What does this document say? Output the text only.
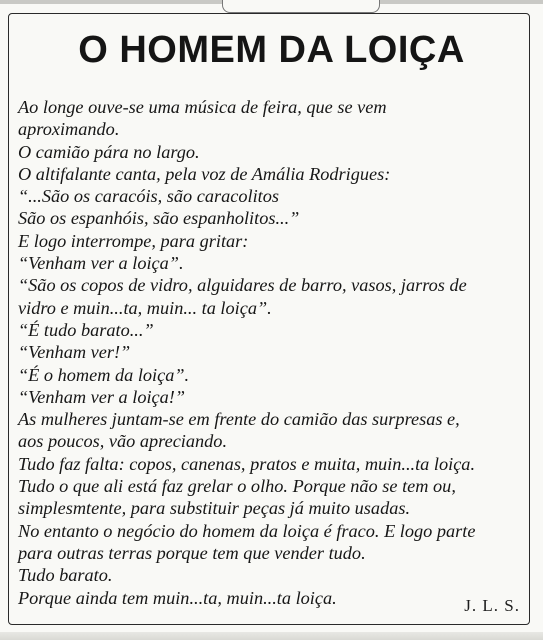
O HOMEM DA LOIÇA
Ao longe ouve-se uma música de feira, que se vem
aproximando.
O camião pára no largo.
O altifalante canta, pela voz de Amália Rodrigues:
“...São os caracóis, são caracolitos
São os espanhóis, são espanholitos...”
E logo interrompe, para gritar:
“Venham ver a loiça”.
“São os copos de vidro, alguidares de barro, vasos, jarros de
vidro e muin...ta, muin... ta loiça”.
“É tudo barato...”
“Venham ver!”
“É o homem da loiça”.
“Venham ver a loiça!”
As mulheres juntam-se em frente do camião das surpresas e,
aos poucos, vão apreciando.
Tudo faz falta: copos, canenas, pratos e muita, muin...ta loiça.
Tudo o que ali está faz grelar o olho. Porque não se tem ou,
simplesmtente, para substituir peças já muito usadas.
No entanto o negócio do homem da loiça é fraco. E logo parte
para outras terras porque tem que vender tudo.
Tudo barato.
Porque ainda tem muin...ta, muin...ta loiça.	J. L. S.
